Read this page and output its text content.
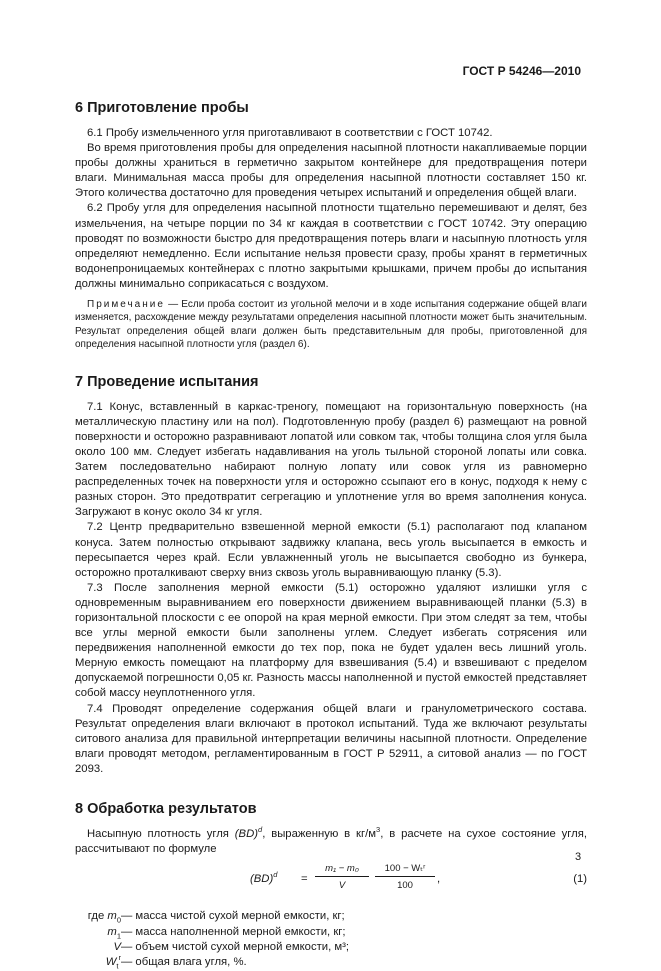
ГОСТ Р 54246—2010
6 Приготовление пробы

6.1 Пробу измельченного угля приготавливают в соответствии с ГОСТ 10742.

Во время приготовления пробы для определения насыпной плотности накапливаемые порции пробы должны храниться в герметично закрытом контейнере для предотвращения потери влаги. Минимальная масса пробы для определения насыпной плотности составляет 150 кг. Этого количества достаточно для проведения четырех испытаний и определения общей влаги.

6.2 Пробу угля для определения насыпной плотности тщательно перемешивают и делят, без измельчения, на четыре порции по 34 кг каждая в соответствии с ГОСТ 10742. Эту операцию проводят по возможности быстро для предотвращения потерь влаги и насыпную плотность угля определяют немедленно. Если испытание нельзя провести сразу, пробы хранят в герметичных водонепроницаемых контейнерах с плотно закрытыми крышками, причем пробы до испытания должны минимально соприкасаться с воздухом.

Примечание — Если проба состоит из угольной мелочи и в ходе испытания содержание общей влаги изменяется, расхождение между результатами определения насыпной плотности может быть значительным. Результат определения общей влаги должен быть представительным для пробы, приготовленной для определения насыпной плотности угля (раздел 6).

7 Проведение испытания

7.1 Конус, вставленный в каркас-треногу, помещают на горизонтальную поверхность (на металлическую пластину или на пол). Подготовленную пробу (раздел 6) размещают на ровной поверхности и осторожно разравнивают лопатой или совком так, чтобы толщина слоя угля была около 100 мм. Следует избегать надавливания на уголь тыльной стороной лопаты или совка. Затем последовательно набирают полную лопату или совок угля из равномерно распределенных точек на поверхности угля и осторожно ссыпают его в конус, подходя к нему с разных сторон. Это предотвратит сегрегацию и уплотнение угля во время заполнения конуса. Загружают в конус около 34 кг угля.

7.2 Центр предварительно взвешенной мерной емкости (5.1) располагают под клапаном конуса. Затем полностью открывают задвижку клапана, весь уголь высыпается в емкость и пересыпается через край. Если увлажненный уголь не высыпается свободно из бункера, осторожно проталкивают сверху вниз сквозь уголь выравнивающую планку (5.3).

7.3 После заполнения мерной емкости (5.1) осторожно удаляют излишки угля с одновременным выравниванием его поверхности движением выравнивающей планки (5.3) в горизонтальной плоскости с ее опорой на края мерной емкости. При этом следят за тем, чтобы все углы мерной емкости были заполнены углем. Следует избегать сотрясения или передвижения наполненной емкости до тех пор, пока не будет удален весь лишний уголь. Мерную емкость помещают на платформу для взвешивания (5.4) и взвешивают с пределом допускаемой погрешности 0,05 кг. Разность массы наполненной и пустой емкостей представляет собой массу неуплотненного угля.

7.4 Проводят определение содержания общей влаги и гранулометрического состава. Результат определения влаги включают в протокол испытаний. Туда же включают результаты ситового анализа для правильной интерпретации величины насыпной плотности. Определение влаги проводят методом, регламентированным в ГОСТ Р 52911, а ситовой анализ — по ГОСТ 2093.

8 Обработка результатов

Насыпную плотность угля (BD)$^d$, выраженную в $кг/м^3$, в расчете на сухое состояние угля, рассчитывают по формуле

$(BD)^d = \frac{\text{m₁ − m₀}}{V}$	100 − Wₜʳ
100
,	(1)
где $m_0$ — масса чистой сухой мерной емкости, кг;
$m_1$ — масса наполненной мерной емкости, кг;
V — объем чистой сухой мерной емкости, м³;
$W_t^r$ — общая влага угля, %.
3
